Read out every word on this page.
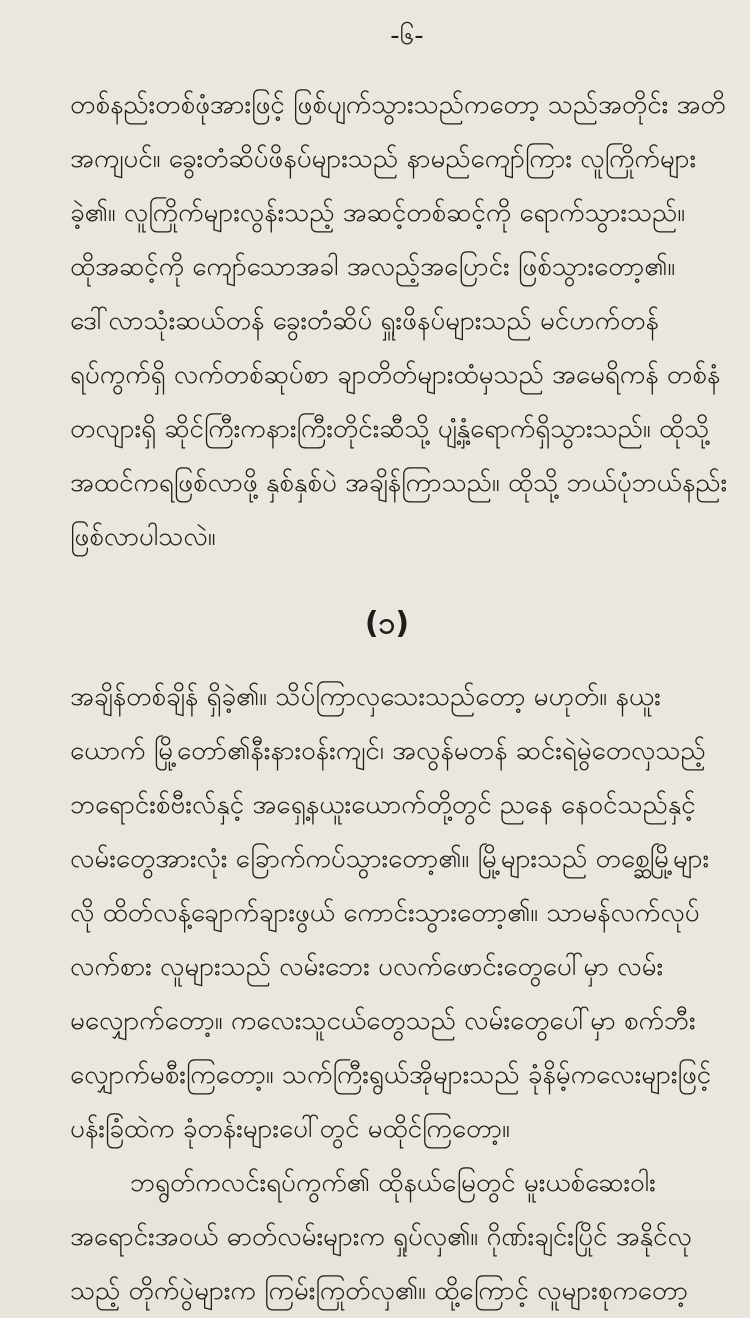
-၆-

တစ်နည်းတစ်ဖုံအားဖြင့် ဖြစ်ပျက်သွားသည်ကတော့ သည်အတိုင်း အတိ
အကျပင်။ ခွေးတံဆိပ်ဖိနပ်များသည် နာမည်ကျော်ကြား လူကြိုက်များ
ခဲ့၏။ လူကြိုက်များလွန်းသည့် အဆင့်တစ်ဆင့်ကို ရောက်သွားသည်။
ထိုအဆင့်ကို ကျော်သောအခါ အလည့်အပြောင်း ဖြစ်သွားတော့၏။
ဒေါ်လာသုံးဆယ်တန် ခွေးတံဆိပ် ရှူးဖိနပ်များသည် မင်ဟက်တန်
ရပ်ကွက်ရှိ လက်တစ်ဆုပ်စာ ချာတိတ်များထံမှသည် အမေရိကန် တစ်နံ
တလျားရှိ ဆိုင်ကြီးကနားကြီးတိုင်းဆီသို့ ပျံ့နှံ့ရောက်ရှိသွားသည်။ ထိုသို့
အထင်ကရဖြစ်လာဖို့ နှစ်နှစ်ပဲ အချိန်ကြာသည်။ ထိုသို့ ဘယ်ပုံဘယ်နည်း
ဖြစ်လာပါသလဲ။

(၁)

အချိန်တစ်ချိန် ရှိခဲ့၏။ သိပ်ကြာလှသေးသည်တော့ မဟုတ်။ နယူး
ယောက် မြို့တော်၏နီးနားဝန်းကျင်၊ အလွန်မတန် ဆင်းရဲမွဲတေလှသည့်
ဘရောင်းစ်ဗီးလ်နှင့် အရှေ့နယူးယောက်တို့တွင် ညနေ နေဝင်သည်နှင့်
လမ်းတွေအားလုံး ခြောက်ကပ်သွားတော့၏။ မြို့များသည် တစ္ဆေမြို့များ
လို ထိတ်လန့်ချောက်ချားဖွယ် ကောင်းသွားတော့၏။ သာမန်လက်လုပ်
လက်စား လူများသည် လမ်းဘေး ပလက်ဖောင်းတွေပေါ်မှာ လမ်း
မလျှောက်တော့။ ကလေးသူငယ်တွေသည် လမ်းတွေပေါ်မှာ စက်ဘီး
လျှောက်မစီးကြတော့။ သက်ကြီးရွယ်အိုများသည် ခုံနိမ့်ကလေးများဖြင့်
ပန်းခြံထဲက ခုံတန်းများပေါ်တွင် မထိုင်ကြတော့။

ဘရွတ်ကလင်းရပ်ကွက်၏ ထိုနယ်မြေတွင် မူးယစ်ဆေးဝါး
အရောင်းအဝယ် ဓာတ်လမ်းများက ရှုပ်လှ၏။ ဂိုဏ်းချင်းပြိုင် အနိုင်လု
သည့် တိုက်ပွဲများက ကြမ်းကြုတ်လှ၏။ ထို့ကြောင့် လူများစုကတော့
